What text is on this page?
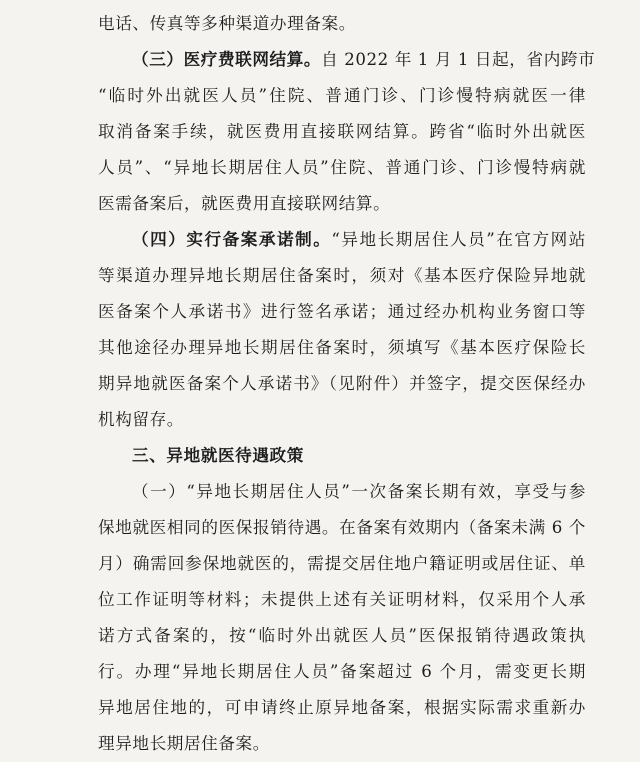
电话、传真等多种渠道办理备案。
（三）医疗费联网结算。自 2022 年 1 月 1 日起，省内跨市
“临时外出就医人员”住院、普通门诊、门诊慢特病就医一律
取消备案手续，就医费用直接联网结算。跨省“临时外出就医
人员”、“异地长期居住人员”住院、普通门诊、门诊慢特病就
医需备案后，就医费用直接联网结算。
（四）实行备案承诺制。“异地长期居住人员”在官方网站
等渠道办理异地长期居住备案时，须对《基本医疗保险异地就
医备案个人承诺书》进行签名承诺；通过经办机构业务窗口等
其他途径办理异地长期居住备案时，须填写《基本医疗保险长
期异地就医备案个人承诺书》（见附件）并签字，提交医保经办
机构留存。
三、异地就医待遇政策
（一）“异地长期居住人员”一次备案长期有效，享受与参
保地就医相同的医保报销待遇。在备案有效期内（备案未满 6 个
月）确需回参保地就医的，需提交居住地户籍证明或居住证、单
位工作证明等材料；未提供上述有关证明材料，仅采用个人承
诺方式备案的，按“临时外出就医人员”医保报销待遇政策执
行。办理“异地长期居住人员”备案超过 6 个月，需变更长期
异地居住地的，可申请终止原异地备案，根据实际需求重新办
理异地长期居住备案。
